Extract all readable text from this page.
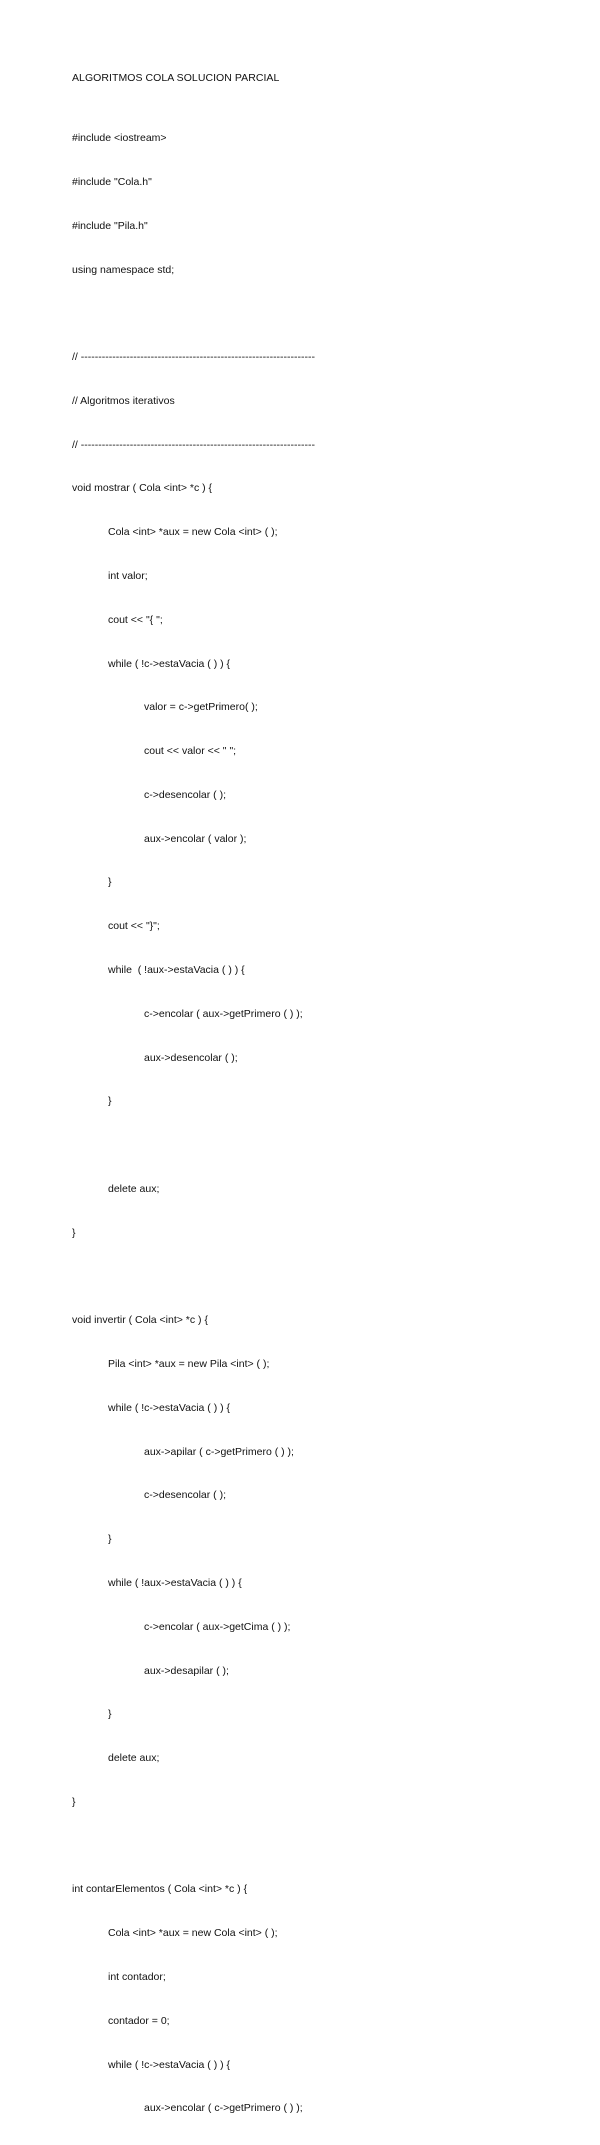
ALGORITMOS COLA SOLUCION PARCIAL

#include <iostream>

#include "Cola.h"

#include "Pila.h"

using namespace std;

// -------------------------------------------------------------------

// Algoritmos iterativos

// -------------------------------------------------------------------

void mostrar ( Cola <int> *c ) {

	Cola <int> *aux = new Cola <int> ( );

	int valor;

	cout << "{ ";

	while ( !c->estaVacia ( ) ) {

		valor = c->getPrimero( );

		cout << valor << " ";

		c->desencolar ( );

		aux->encolar ( valor );

	}

	cout << "}";

	while  ( !aux->estaVacia ( ) ) {

		c->encolar ( aux->getPrimero ( ) );

		aux->desencolar ( );

	}

	delete aux;

}

void invertir ( Cola <int> *c ) {

	Pila <int> *aux = new Pila <int> ( );

	while ( !c->estaVacia ( ) ) {

		aux->apilar ( c->getPrimero ( ) );

		c->desencolar ( );

	}

	while ( !aux->estaVacia ( ) ) {

		c->encolar ( aux->getCima ( ) );

		aux->desapilar ( );

	}

	delete aux;

}

int contarElementos ( Cola <int> *c ) {

	Cola <int> *aux = new Cola <int> ( );

	int contador;

	contador = 0;

	while ( !c->estaVacia ( ) ) {

		aux->encolar ( c->getPrimero ( ) );
